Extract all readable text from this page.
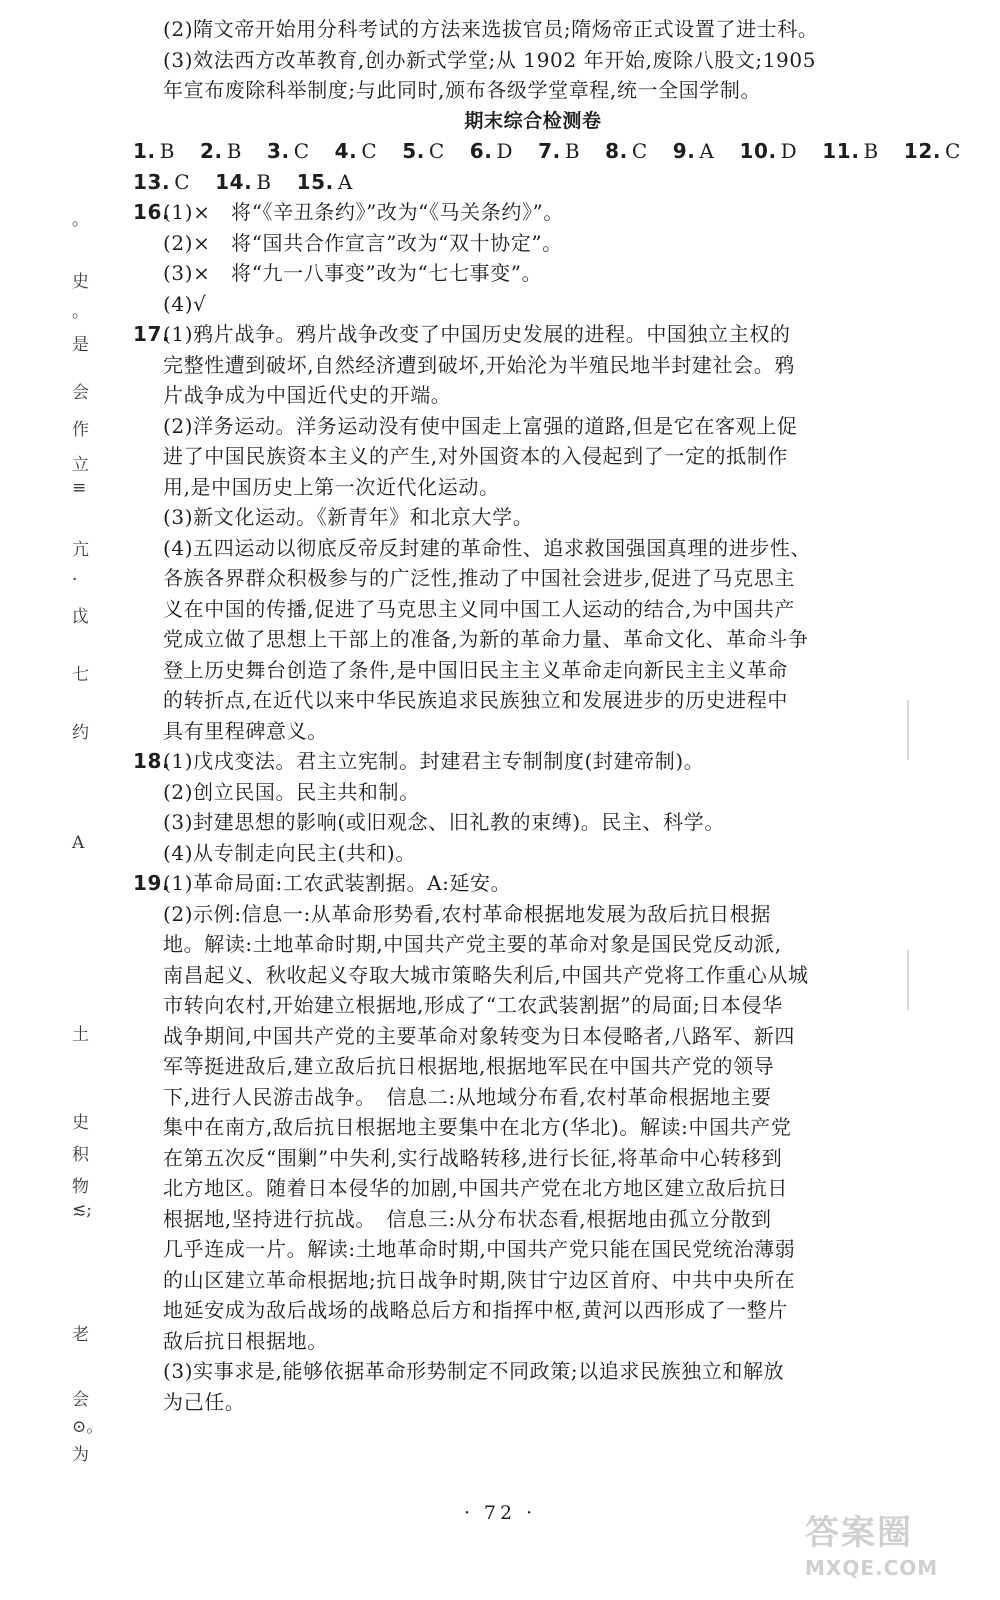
。
史
。
是
会
作
立
≡
亢
·
戉
七
约
A
土
史
积
物
≲;
老
会
⊙。
为
(2)隋文帝开始用分科考试的方法来选拔官员;隋炀帝正式设置了进士科。
(3)效法西方改革教育,创办新式学堂;从 1902 年开始,废除八股文;1905
年宣布废除科举制度;与此同时,颁布各级学堂章程,统一全国学制。
期末综合检测卷
1. B 2. B 3. C 4. C 5. C 6. D 7. B 8. C 9. A 10. D 11. B 12. C
13. C 14. B 15. A
16.(1)×　将“《辛丑条约》”改为“《马关条约》”。
(2)×　将“国共合作宣言”改为“双十协定”。
(3)×　将“九一八事变”改为“七七事变”。
(4)√
17.(1)鸦片战争。鸦片战争改变了中国历史发展的进程。中国独立主权的
完整性遭到破坏,自然经济遭到破坏,开始沦为半殖民地半封建社会。鸦
片战争成为中国近代史的开端。
(2)洋务运动。洋务运动没有使中国走上富强的道路,但是它在客观上促
进了中国民族资本主义的产生,对外国资本的入侵起到了一定的抵制作
用,是中国历史上第一次近代化运动。
(3)新文化运动。《新青年》和北京大学。
(4)五四运动以彻底反帝反封建的革命性、追求救国强国真理的进步性、
各族各界群众积极参与的广泛性,推动了中国社会进步,促进了马克思主
义在中国的传播,促进了马克思主义同中国工人运动的结合,为中国共产
党成立做了思想上干部上的准备,为新的革命力量、革命文化、革命斗争
登上历史舞台创造了条件,是中国旧民主主义革命走向新民主主义革命
的转折点,在近代以来中华民族追求民族独立和发展进步的历史进程中
具有里程碑意义。
18.(1)戊戌变法。君主立宪制。封建君主专制制度(封建帝制)。
(2)创立民国。民主共和制。
(3)封建思想的影响(或旧观念、旧礼教的束缚)。民主、科学。
(4)从专制走向民主(共和)。
19.(1)革命局面:工农武装割据。A:延安。
(2)示例:信息一:从革命形势看,农村革命根据地发展为敌后抗日根据
地。解读:土地革命时期,中国共产党主要的革命对象是国民党反动派,
南昌起义、秋收起义夺取大城市策略失利后,中国共产党将工作重心从城
市转向农村,开始建立根据地,形成了“工农武装割据”的局面;日本侵华
战争期间,中国共产党的主要革命对象转变为日本侵略者,八路军、新四
军等挺进敌后,建立敌后抗日根据地,根据地军民在中国共产党的领导
下,进行人民游击战争。　信息二:从地域分布看,农村革命根据地主要
集中在南方,敌后抗日根据地主要集中在北方(华北)。解读:中国共产党
在第五次反“围剿”中失利,实行战略转移,进行长征,将革命中心转移到
北方地区。随着日本侵华的加剧,中国共产党在北方地区建立敌后抗日
根据地,坚持进行抗战。　信息三:从分布状态看,根据地由孤立分散到
几乎连成一片。解读:土地革命时期,中国共产党只能在国民党统治薄弱
的山区建立革命根据地;抗日战争时期,陕甘宁边区首府、中共中央所在
地延安成为敌后战场的战略总后方和指挥中枢,黄河以西形成了一整片
敌后抗日根据地。
(3)实事求是,能够依据革命形势制定不同政策;以追求民族独立和解放
为己任。
· 72 ·	答案圈
MXQE.COM
